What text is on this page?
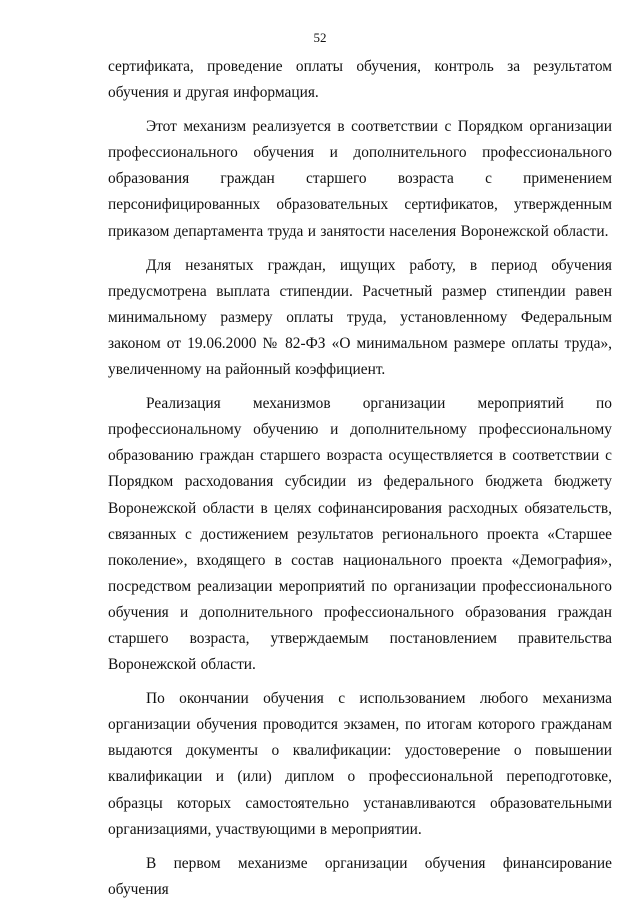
52

сертификата, проведение оплаты обучения, контроль за результатом обучения и другая информация.

Этот механизм реализуется в соответствии с Порядком организации профессионального обучения и дополнительного профессионального образования граждан старшего возраста с применением персонифицированных образовательных сертификатов, утвержденным приказом департамента труда и занятости населения Воронежской области.

Для незанятых граждан, ищущих работу, в период обучения предусмотрена выплата стипендии. Расчетный размер стипендии равен минимальному размеру оплаты труда, установленному Федеральным законом от 19.06.2000 № 82-ФЗ «О минимальном размере оплаты труда», увеличенному на районный коэффициент.

Реализация механизмов организации мероприятий по профессиональному обучению и дополнительному профессиональному образованию граждан старшего возраста осуществляется в соответствии с Порядком расходования субсидии из федерального бюджета бюджету Воронежской области в целях софинансирования расходных обязательств, связанных с достижением результатов регионального проекта «Старшее поколение», входящего в состав национального проекта «Демография», посредством реализации мероприятий по организации профессионального обучения и дополнительного профессионального образования граждан старшего возраста, утверждаемым постановлением правительства Воронежской области.

По окончании обучения с использованием любого механизма организации обучения проводится экзамен, по итогам которого гражданам выдаются документы о квалификации: удостоверение о повышении квалификации и (или) диплом о профессиональной переподготовке, образцы которых самостоятельно устанавливаются образовательными организациями, участвующими в мероприятии.

В первом механизме организации обучения финансирование обучения
